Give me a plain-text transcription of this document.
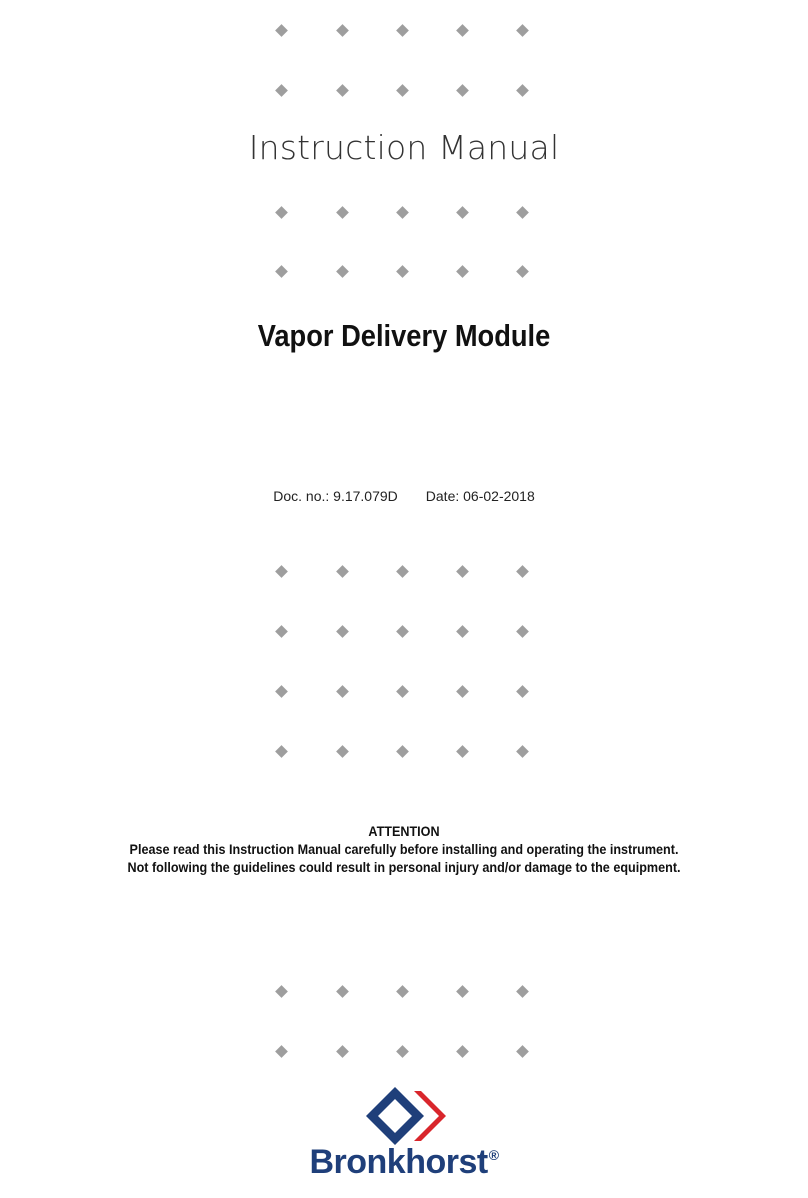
Instruction Manual
Vapor Delivery Module
Doc. no.: 9.17.079D Date: 06-02-2018
ATTENTION
Please read this Instruction Manual carefully before installing and operating the instrument.
Not following the guidelines could result in personal injury and/or damage to the equipment.
Bronkhorst®
